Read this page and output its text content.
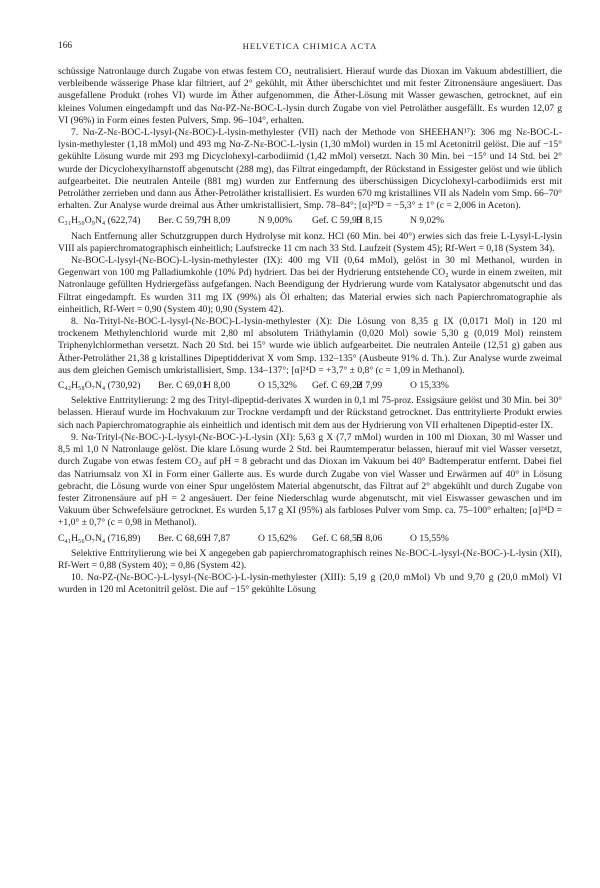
166	HELVETICA CHIMICA ACTA

schüssige Natronlauge durch Zugabe von etwas festem CO₂ neutralisiert. Hierauf wurde das Dioxan im Vakuum abdestilliert, die verbleibende wässerige Phase klar filtriert, auf 2° gekühlt, mit Äther überschichtet und mit fester Zitronensäure angesäuert. Das ausgefallene Produkt (rohes VI) wurde im Äther aufgenommen, die Äther-Lösung mit Wasser gewaschen, getrocknet, auf ein kleines Volumen eingedampft und das Nα-PZ-Nε-BOC-L-lysin durch Zugabe von viel Petroläther ausgefällt. Es wurden 12,07 g VI (96%) in Form eines festen Pulvers, Smp. 96–104°, erhalten.

7. Nα-Z-Nε-BOC-L-lysyl-(Nε-BOC)-L-lysin-methylester (VII) nach der Methode von SHEEHAN¹⁷): 306 mg Nε-BOC-L-lysin-methylester (1,18 mMol) und 493 mg Nα-Z-Nε-BOC-L-lysin (1,30 mMol) wurden in 15 ml Acetonitril gelöst. Die auf −15° gekühlte Lösung wurde mit 293 mg Dicyclohexyl-carbodiimid (1,42 mMol) versetzt. Nach 30 Min. bei −15° und 14 Std. bei 2° wurde der Dicyclohexylharnstoff abgenutscht (288 mg), das Filtrat eingedampft, der Rückstand in Essigester gelöst und wie üblich aufgearbeitet. Die neutralen Anteile (881 mg) wurden zur Entfernung des überschüssigen Dicyclohexyl-carbodiimids erst mit Petroläther zerrieben und dann aus Äther-Petroläther kristallisiert. Es wurden 670 mg kristallines VII als Nadeln vom Smp. 66–70° erhalten. Zur Analyse wurde dreimal aus Äther umkristallisiert, Smp. 78–84°; [α]²⁰D = −5,3° ± 1° (c = 2,006 in Aceton).

C₃₁H₅₀O₉N₄ (622,74)	Ber. C 59,79
H 8,09	N 9,00%	Gef. C 59,93
H 8,15	N 9,02%

Nach Entfernung aller Schutzgruppen durch Hydrolyse mit konz. HCl (60 Min. bei 40°) erwies sich das freie L-Lysyl-L-lysin VIII als papierchromatographisch einheitlich; Laufstrecke 11 cm nach 33 Std. Laufzeit (System 45); Rf-Wert = 0,18 (System 34).

Nε-BOC-L-lysyl-(Nε-BOC)-L-lysin-methylester (IX): 400 mg VII (0,64 mMol), gelöst in 30 ml Methanol, wurden in Gegenwart von 100 mg Palladiumkohle (10% Pd) hydriert. Das bei der Hydrierung entstehende CO₂ wurde in einem zweiten, mit Natronlauge gefüllten Hydriergefäss aufgefangen. Nach Beendigung der Hydrierung wurde vom Katalysator abgenutscht und das Filtrat eingedampft. Es wurden 311 mg IX (99%) als Öl erhalten; das Material erwies sich nach Papierchromatographie als einheitlich, Rf-Wert = 0,90 (System 40); 0,90 (System 42).

8. Nα-Trityl-Nε-BOC-L-lysyl-(Nε-BOC)-L-lysin-methylester (X): Die Lösung von 8,35 g IX (0,0171 Mol) in 120 ml trockenem Methylenchlorid wurde mit 2,80 ml absolutem Triäthylamin (0,020 Mol) sowie 5,30 g (0,019 Mol) reinstem Triphenylchlormethan versetzt. Nach 20 Std. bei 15° wurde wie üblich aufgearbeitet. Die neutralen Anteile (12,51 g) gaben aus Äther-Petroläther 21,38 g kristallines Dipeptidderivat X vom Smp. 132–135° (Ausbeute 91% d. Th.). Zur Analyse wurde zweimal aus dem gleichen Gemisch umkristallisiert, Smp. 134–137°; [α]²⁴D = +3,7° ± 0,8° (c = 1,09 in Methanol).

C₄₂H₅₈O₇N₄ (730,92)	Ber. C 69,01
H 8,00	O 15,32%	Gef. C 69,22
H 7,99	O 15,33%

Selektive Enttritylierung: 2 mg des Trityl-dipeptid-derivates X wurden in 0,1 ml 75-proz. Essigsäure gelöst und 30 Min. bei 30° belassen. Hierauf wurde im Hochvakuum zur Trockne verdampft und der Rückstand getrocknet. Das enttritylierte Produkt erwies sich nach Papierchromatographie als einheitlich und identisch mit dem aus der Hydrierung von VII erhaltenen Dipeptid-ester IX.

9. Nα-Trityl-(Nε-BOC-)-L-lysyl-(Nε-BOC-)-L-lysin (XI): 5,63 g X (7,7 mMol) wurden in 100 ml Dioxan, 30 ml Wasser und 8,5 ml 1,0 N Natronlauge gelöst. Die klare Lösung wurde 2 Std. bei Raumtemperatur belassen, hierauf mit viel Wasser versetzt, durch Zugabe von etwas festem CO₂ auf pH = 8 gebracht und das Dioxan im Vakuum bei 40° Badtemperatur entfernt. Dabei fiel das Natriumsalz von XI in Form einer Gallerte aus. Es wurde durch Zugabe von viel Wasser und Erwärmen auf 40° in Lösung gebracht, die Lösung wurde von einer Spur ungelöstem Material abgenutscht, das Filtrat auf 2° abgekühlt und durch Zugabe von fester Zitronensäure auf pH = 2 angesäuert. Der feine Niederschlag wurde abgenutscht, mit viel Eiswasser gewaschen und im Vakuum über Schwefelsäure getrocknet. Es wurden 5,17 g XI (95%) als farbloses Pulver vom Smp. ca. 75–100° erhalten; [α]²⁴D = +1,0° ± 0,7° (c = 0,98 in Methanol).

C₄₁H₅₆O₇N₄ (716,89)	Ber. C 68,69
H 7,87	O 15,62%	Gef. C 68,55
H 8,06	O 15,55%

Selektive Enttritylierung wie bei X angegeben gab papierchromatographisch reines Nε-BOC-L-lysyl-(Nε-BOC-)-L-lysin (XII), Rf-Wert = 0,88 (System 40); = 0,86 (System 42).

10. Nα-PZ-(Nε-BOC-)-L-lysyl-(Nε-BOC-)-L-lysin-methylester (XIII): 5,19 g (20,0 mMol) Vb und 9,70 g (20,0 mMol) VI wurden in 120 ml Acetonitril gelöst. Die auf −15° gekühlte Lösung
